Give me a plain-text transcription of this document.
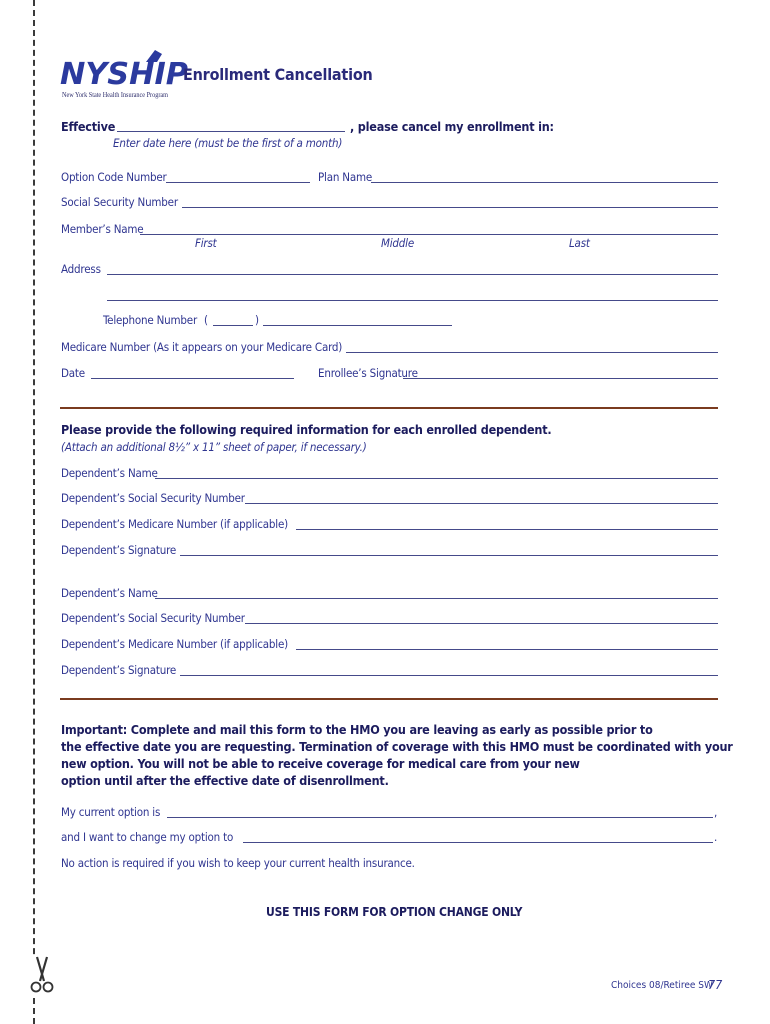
NYSHIP
New York State Health Insurance Program
Enrollment Cancellation
Effective	, please cancel my enrollment in:
Enter date here (must be the first of a month)
Option Code Number	Plan Name
Social Security Number
Member’s Name
First	Middle	Last
Address
Telephone Number (	)
Medicare Number (As it appears on your Medicare Card)
Date	Enrollee’s Signature
Please provide the following required information for each enrolled dependent.
(Attach an additional 8½” x 11” sheet of paper, if necessary.)
Dependent’s Name
Dependent’s Social Security Number
Dependent’s Medicare Number (if applicable)
Dependent’s Signature
Dependent’s Name
Dependent’s Social Security Number
Dependent’s Medicare Number (if applicable)
Dependent’s Signature
Important: Complete and mail this form to the HMO you are leaving as early as possible prior to
the effective date you are requesting. Termination of coverage with this HMO must be coordinated with your
new option. You will not be able to receive coverage for medical care from your new
option until after the effective date of disenrollment.
My current option is	,
and I want to change my option to	.
No action is required if you wish to keep your current health insurance.
USE THIS FORM FOR OPTION CHANGE ONLY
Choices 08/Retiree SW
77
